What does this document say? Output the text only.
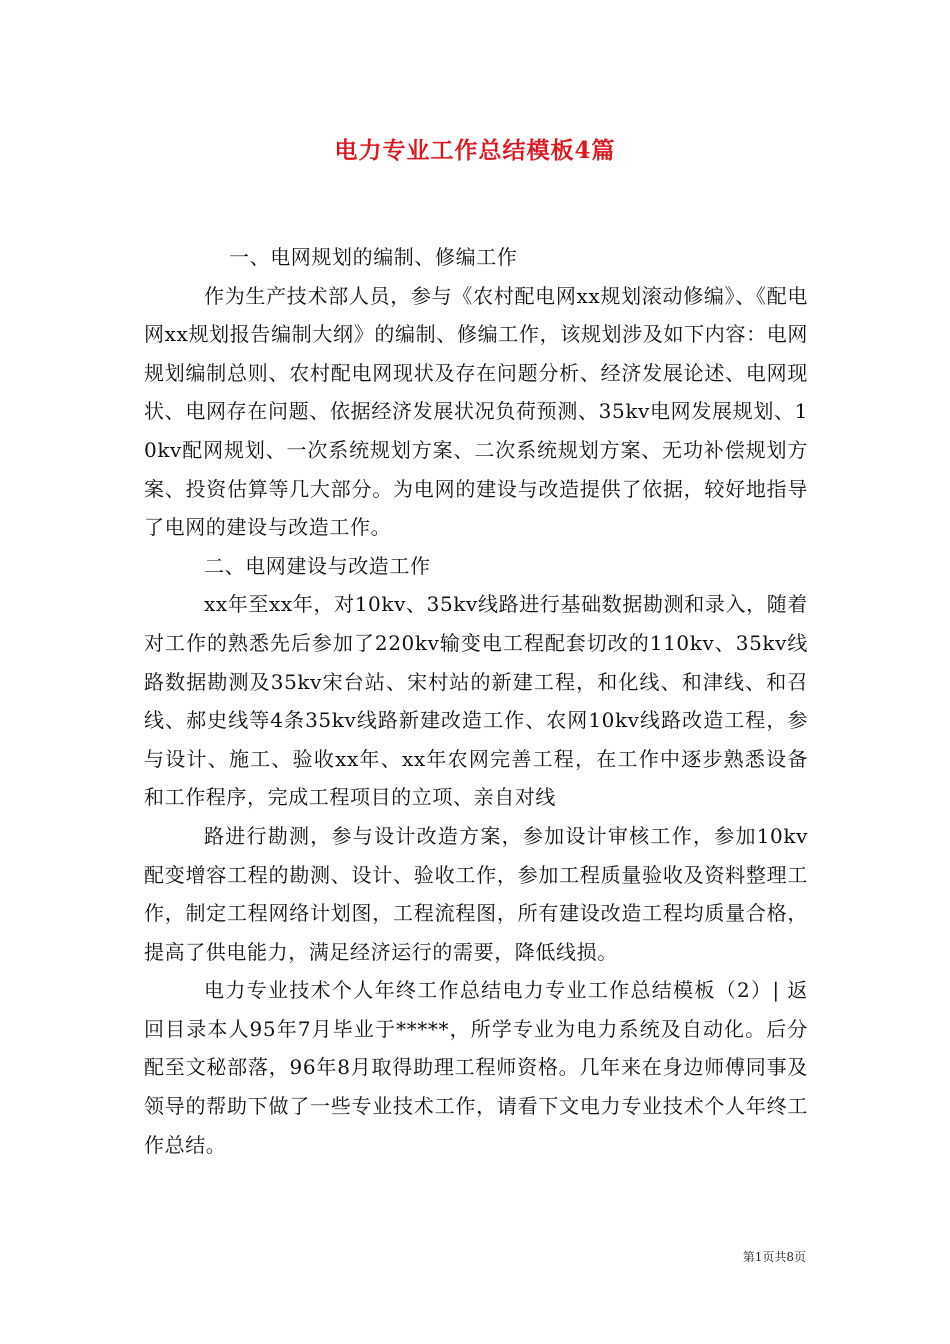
电力专业工作总结模板4篇

一、电网规划的编制、修编工作

作为生产技术部人员，参与《农村配电网xx规划滚动修编》、《配电网xx规划报告编制大纲》的编制、修编工作，该规划涉及如下内容：电网规划编制总则、农村配电网现状及存在问题分析、经济发展论述、电网现状、电网存在问题、依据经济发展状况负荷预测、35kv电网发展规划、10kv配网规划、一次系统规划方案、二次系统规划方案、无功补偿规划方案、投资估算等几大部分。为电网的建设与改造提供了依据，较好地指导了电网的建设与改造工作。

二、电网建设与改造工作

xx年至xx年，对10kv、35kv线路进行基础数据勘测和录入，随着对工作的熟悉先后参加了220kv输变电工程配套切改的110kv、35kv线路数据勘测及35kv宋台站、宋村站的新建工程，和化线、和津线、和召线、郝史线等4条35kv线路新建改造工作、农网10kv线路改造工程，参与设计、施工、验收xx年、xx年农网完善工程，在工作中逐步熟悉设备和工作程序，完成工程项目的立项、亲自对线

路进行勘测，参与设计改造方案，参加设计审核工作，参加10kv配变增容工程的勘测、设计、验收工作，参加工程质量验收及资料整理工作，制定工程网络计划图，工程流程图，所有建设改造工程均质量合格，提高了供电能力，满足经济运行的需要，降低线损。

电力专业技术个人年终工作总结电力专业工作总结模板（2）| 返回目录本人95年7月毕业于*****，所学专业为电力系统及自动化。后分配至文秘部落，96年8月取得助理工程师资格。几年来在身边师傅同事及领导的帮助下做了一些专业技术工作，请看下文电力专业技术个人年终工作总结。

第1页共8页
